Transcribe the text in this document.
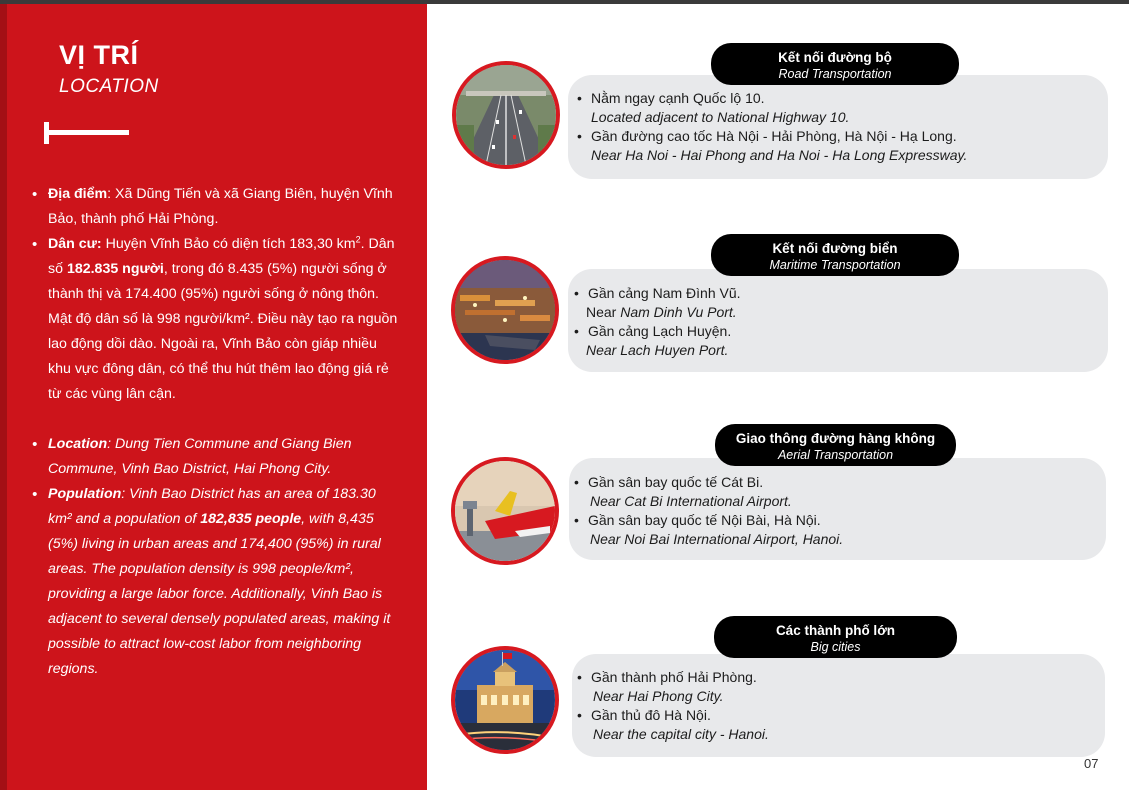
VỊ TRÍ
LOCATION
• Địa điểm: Xã Dũng Tiến và xã Giang Biên, huyện Vĩnh Bảo, thành phố Hải Phòng.
• Dân cư: Huyện Vĩnh Bảo có diện tích 183,30 $km^2$. Dân số 182.835 người, trong đó 8.435 (5%) người sống ở thành thị và 174.400 (95%) người sống ở nông thôn. Mật độ dân số là 998 người/km². Điều này tạo ra nguồn lao động dồi dào. Ngoài ra, Vĩnh Bảo còn giáp nhiều khu vực đông dân, có thể thu hút thêm lao động giá rẻ từ các vùng lân cận.
• Location: Dung Tien Commune and Giang Bien Commune, Vinh Bao District, Hai Phong City.
• Population: Vinh Bao District has an area of 183.30 km² and a population of 182,835 people, with 8,435 (5%) living in urban areas and 174,400 (95%) in rural areas. The population density is 998 people/km², providing a large labor force. Additionally, Vinh Bao is adjacent to several densely populated areas, making it possible to attract low-cost labor from neighboring regions.
• Nằm ngay cạnh Quốc lộ 10.
Located adjacent to National Highway 10.
• Gần đường cao tốc Hà Nội - Hải Phòng, Hà Nội - Hạ Long.
Near Ha Noi - Hai Phong and Ha Noi - Ha Long Expressway.
Kết nối đường bộ
Road Transportation
• Gần cảng Nam Đình Vũ.
Near Nam Dinh Vu Port.
• Gần cảng Lạch Huyện.
Near Lach Huyen Port.
Kết nối đường biển
Maritime Transportation
• Gần sân bay quốc tế Cát Bi.
Near Cat Bi International Airport.
• Gần sân bay quốc tế Nội Bài, Hà Nội.
Near Noi Bai International Airport, Hanoi.
Giao thông đường hàng không
Aerial Transportation
• Gần thành phố Hải Phòng.
Near Hai Phong City.
• Gần thủ đô Hà Nội.
Near the capital city - Hanoi.
Các thành phố lớn
Big cities
07
